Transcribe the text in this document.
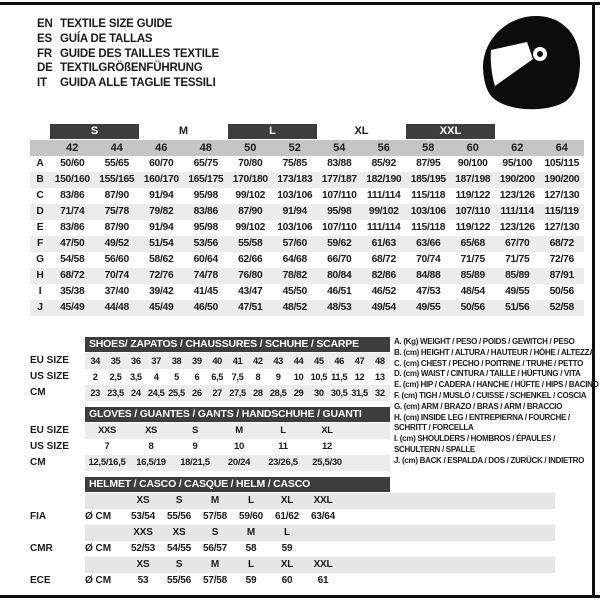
EN TEXTILE SIZE GUIDE
ES GUÍA DE TALLAS
FR GUIDE DES TAILLES TEXTILE
DE TEXTILGRÖßENFÜHRUNG
IT	GUIDA ALLE TAGLIE TESSILI
S	M	L	XL	XXL
42	44	46	48	50	52	54	56	58	60	62	64
A	50/60	55/65	60/70	65/75	70/80	75/85	83/88	85/92	87/95	90/100	95/100	105/115
B	150/160 155/165 160/170 165/175 170/180 173/183 177/187 182/190 185/195 187/198 190/200 190/200
C	83/86	87/90	91/94	95/98	99/102	103/106 107/110	111/114	115/118 119/122 123/126 127/130
D	71/74	75/78	79/82	83/86	87/90	91/94	95/98	99/102	103/106 107/110	111/114	115/119
E	83/86	87/90	91/94	95/98	99/102	103/106 107/110	111/114	115/118 119/122 123/126 127/130
F	47/50	49/52	51/54	53/56	55/58	57/60	59/62	61/63	63/66	65/68	67/70	68/72
G	54/58	56/60	58/62	60/64	62/66	64/68	66/70	68/72	70/74	71/75	71/75	72/76
H	68/72	70/74	72/76	74/78	76/80	78/82	80/84	82/86	84/88	85/89	85/89	87/91
I	35/38	37/40	39/42	41/45	43/47	45/50	46/51	46/52	47/53	48/54	49/55	50/56
J	45/49	44/48	45/49	46/50	47/51	48/52	48/53	49/54	49/55	50/56	51/56	52/58
SHOES/ ZAPATOS / CHAUSSURES / SCHUHE / SCARPE
EU SIZE	34	35	36	37	38	39	40	41	42	43	44	45	46	47	48
US SIZE	2	2,5 3,5	4	5	6	6,5 7,5	8	9	10 10,5 11,5 12	13
CM	23 23,5 24 24,5 25,5 26	27 27,5 28 28,5 29	30 30,5 31,5 32
GLOVES / GUANTES / GANTS / HANDSCHUHE / GUANTI
EU SIZE	XXS	XS	S	M	L	XL
US SIZE	7	8	9	10	11	12
CM	12,5/16,5	16,5/19	18/21,5	20/24	23/26,5	25,5/30
HELMET / CASCO / CASQUE / HELM / CASCO
XS	S	M	L	XL	XXL
FIA	Ø CM	53/54	55/56	57/58	59/60	61/62	63/64
XXS	XS	S	M	L
CMR	Ø CM	52/53	54/55	56/57	58	59
XS	S	M	L	XL	XXL
ECE	Ø CM	53	55/56	57/58	59	60	61
A. (Kg) WEIGHT / PESO / POIDS / GEWITCH / PESO
B. (cm) HEIGHT / ALTURA / HAUTEUR / HÖHE / ALTEZZA
C. (cm) CHEST / PECHO / POITRINE / TRUHE / PETTO
D. (cm) WAIST / CINTURA / TAILLE / HÜFTUNG / VITA
E. (cm) HIP / CADERA / HANCHE / HÜFTE / HIPS / BACINO
F. (cm) TIGH / MUSLO / CUISSE / SCHENKEL / COSCIA
G. (cm) ARM / BRAZO / BRAS / ARM / BRACCIO
H. (cm) INSIDE LEG / ENTREPIERNA / FOURCHE /
SCHRITT / FORCELLA
I. (cm) SHOULDERS / HOMBROS / ÉPAULES /
SCHULTERN / SPALLE
J. (cm) BACK / ESPALDA / DOS / ZURÜCK / INDIETRO
